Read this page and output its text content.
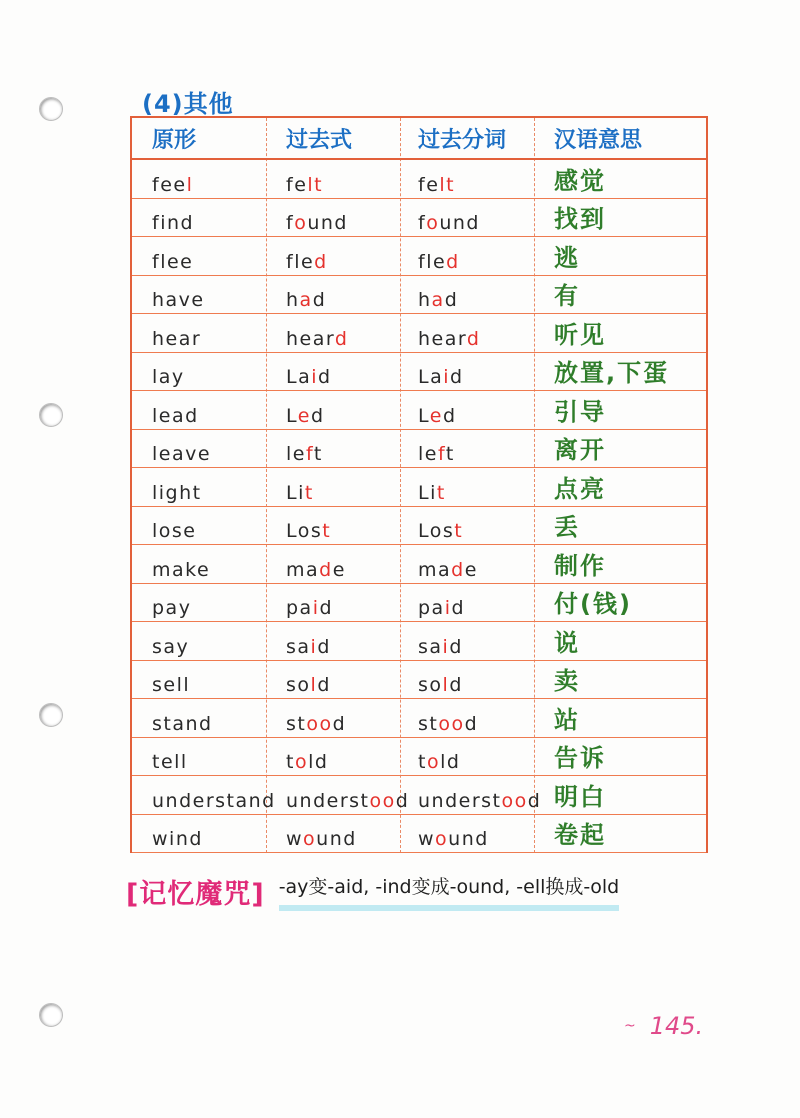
(4)其他
原形	过去式	过去分词	汉语意思
feel	felt	felt	感觉
find	found	found	找到
flee	fled	fled	逃
have	had	had	有
hear	heard	heard	听见
lay	Laid	Laid	放置,下蛋
lead	Led	Led	引导
leave	left	left	离开
light	Lit	Lit	点亮
lose	Lost	Lost	丢
make	made	made	制作
pay	paid	paid	付(钱)
say	said	said	说
sell	sold	sold	卖
stand	stood	stood	站
tell	told	told	告诉
understand understood understood 明白
wind	wound	wound	卷起
[记忆魔咒] -ay变-aid, -ind变成-ound, -ell换成-old
~ 145.
